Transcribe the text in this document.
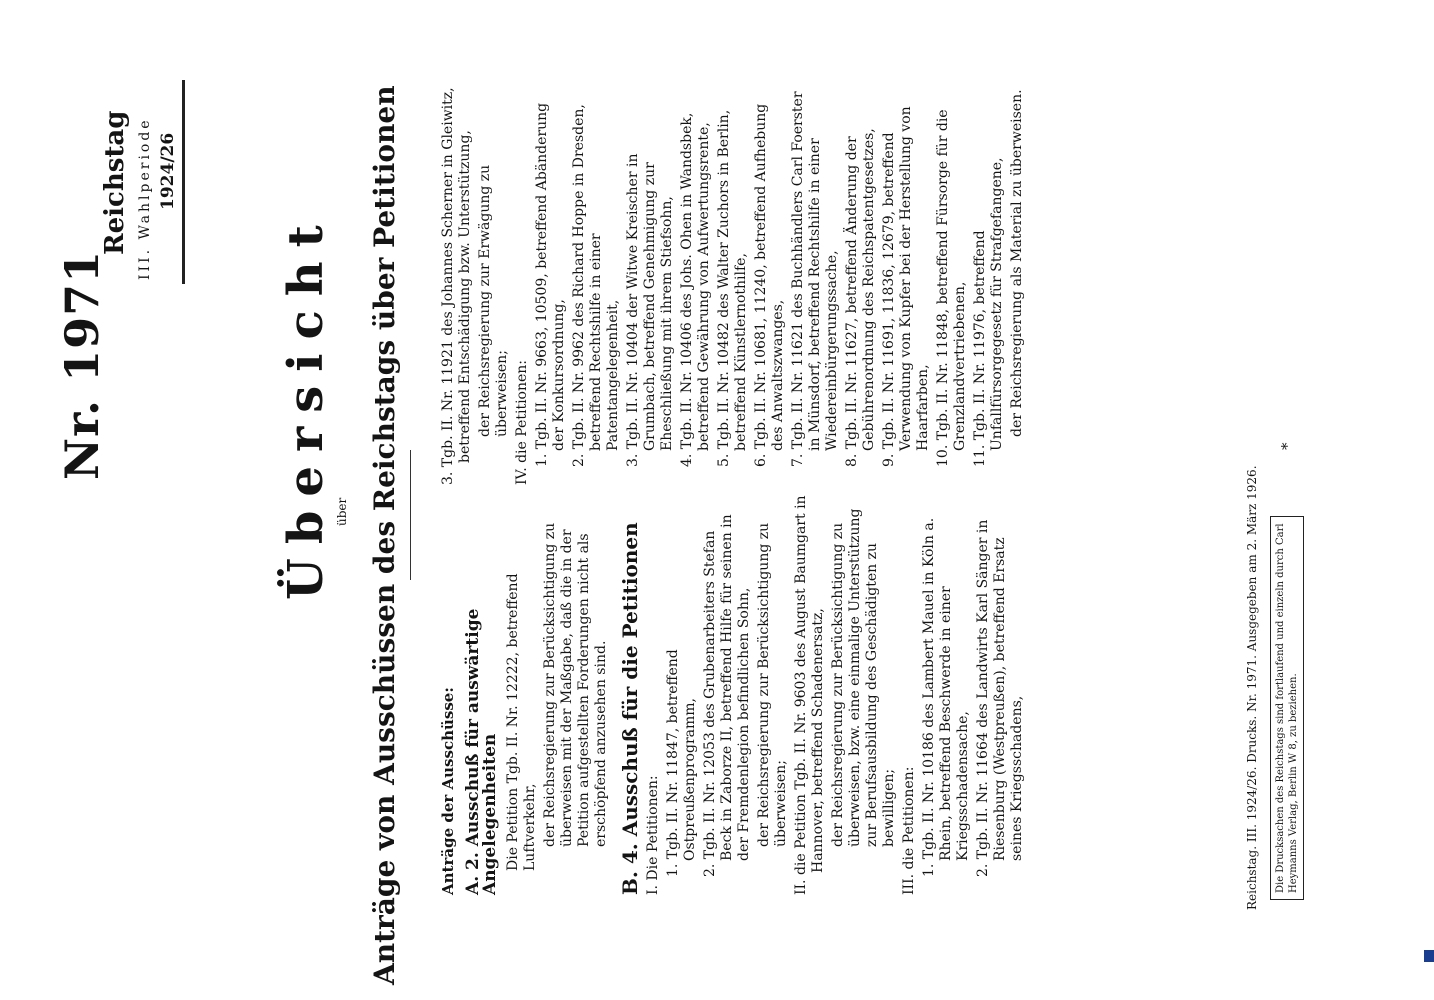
Nr. 1971
Reichstag III. Wahlperiode 1924/26
Übersicht über Anträge von Ausschüssen des Reichstags über Petitionen	Anträge der Ausschüsse: A. 2. Ausschuß für auswärtige Angelegenheiten Die Petition Tgb. II. Nr. 12222, betreffend Luftverkehr, der Reichsregierung zur Berücksichtigung zu überweisen mit der Maßgabe, daß die in der Petition aufgestellten Forderungen nicht als erschöpfend anzusehen sind. B. 4. Ausschuß für die Petitionen I. Die Petitionen: 1. Tgb. II. Nr. 11847, betreffend Ostpreußenprogramm, 2. Tgb. II. Nr. 12053 des Grubenarbeiters Stefan Beck in Zaborze II, betreffend Hilfe für seinen in der Fremdenlegion befindlichen Sohn, der Reichsregierung zur Berücksichtigung zu überweisen; II. die Petition Tgb. II. Nr. 9603 des August Baumgart in Hannover, betreffend Schadenersatz, der Reichsregierung zur Berücksichtigung zu überweisen, bzw. eine einmalige Unterstützung zur Berufsausbildung des Geschädigten zu bewilligen; III. die Petitionen: 1. Tgb. II. Nr. 10186 des Lambert Mauel in Köln a. Rhein, betreffend Beschwerde in einer Kriegsschadensache, 2. Tgb. II. Nr. 11664 des Landwirts Karl Sänger in Riesenburg (Westpreußen), betreffend Ersatz seines Kriegsschadens,

3. Tgb. II. Nr. 11921 des Johannes Scherner in Gleiwitz, betreffend Entschädigung bzw. Unterstützung, der Reichsregierung zur Erwägung zu überweisen; IV. die Petitionen: 1. Tgb. II. Nr. 9663, 10509, betreffend Abänderung der Konkursordnung, 2. Tgb. II. Nr. 9962 des Richard Hoppe in Dresden, betreffend Rechtshilfe in einer Patentangelegenheit, 3. Tgb. II. Nr. 10404 der Witwe Kreischer in Grumbach, betreffend Genehmigung zur Eheschließung mit ihrem Stiefsohn, 4. Tgb. II. Nr. 10406 des Johs. Ohen in Wandsbek, betreffend Gewährung von Aufwertungsrente, 5. Tgb. II. Nr. 10482 des Walter Zuchors in Berlin, betreffend Künstlernothilfe, 6. Tgb. II. Nr. 10681, 11240, betreffend Aufhebung des Anwaltszwanges, 7. Tgb. II. Nr. 11621 des Buchhändlers Carl Foerster in Münsdorf, betreffend Rechtshilfe in einer Wiedereinbürgerungssache, 8. Tgb. II. Nr. 11627, betreffend Änderung der Gebührenordnung des Reichspatentgesetzes, 9. Tgb. II. Nr. 11691, 11836, 12679, betreffend Verwendung von Kupfer bei der Herstellung von Haarfarben, 10. Tgb. II. Nr. 11848, betreffend Fürsorge für die Grenzlandvertriebenen, 11. Tgb. II. Nr. 11976, betreffend Unfallfürsorgegesetz für Strafgefangene, der Reichsregierung als Material zu überweisen.

Reichstag. III. 1924/26. Drucks. Nr. 1971. Ausgegeben am 2. März 1926.
*
Die Drucksachen des Reichstags sind fortlaufend und einzeln durch Carl Heymanns Verlag, Berlin W 8, zu beziehen.
